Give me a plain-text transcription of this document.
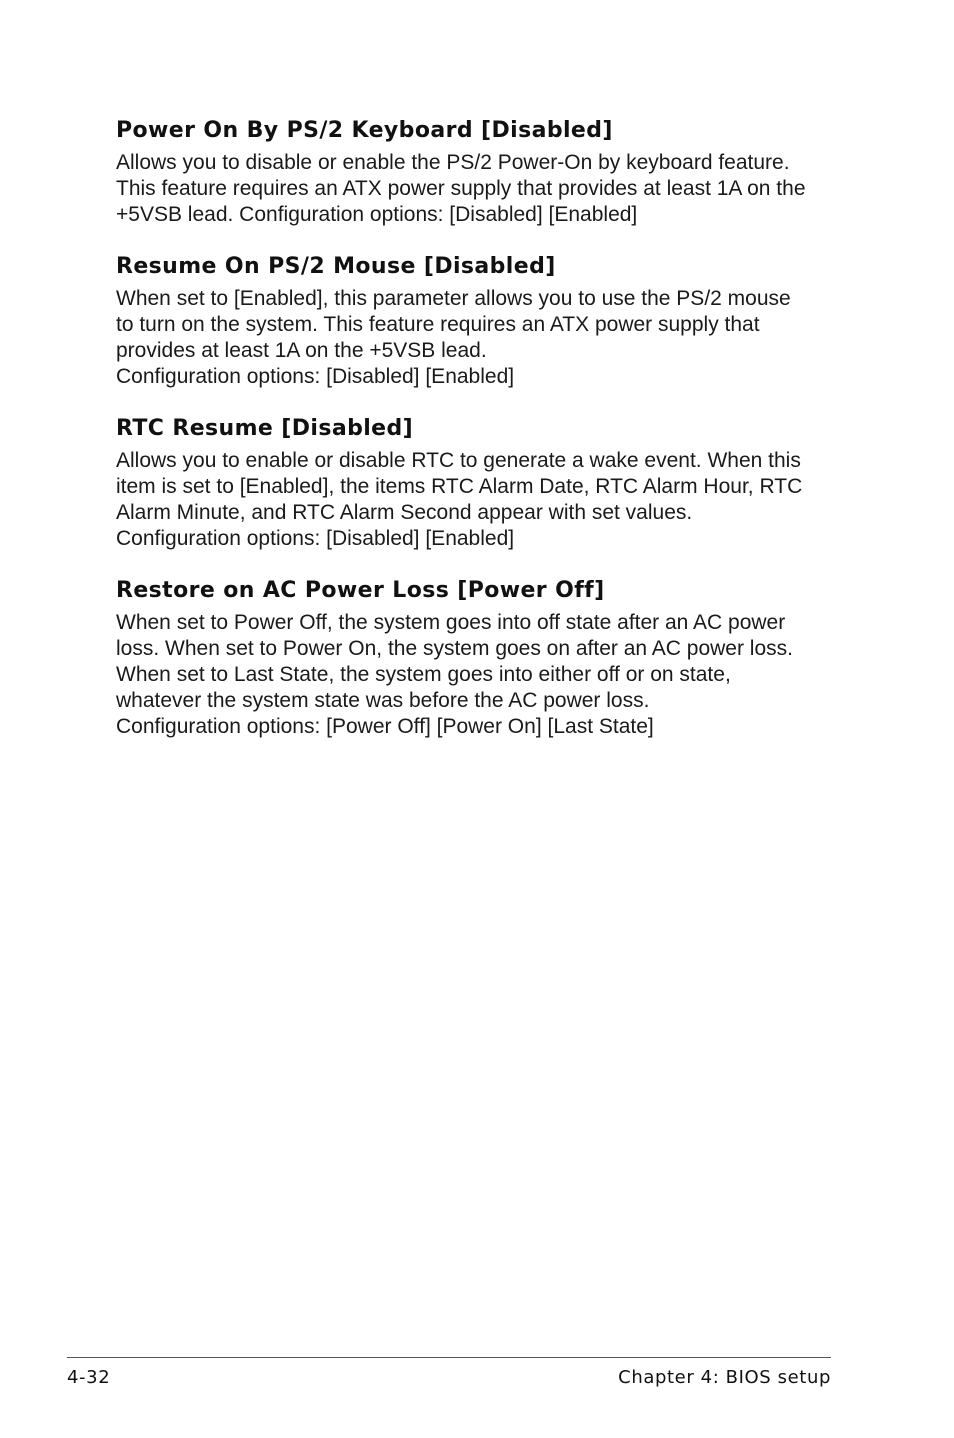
Power On By PS/2 Keyboard [Disabled]

Allows you to disable or enable the PS/2 Power-On by keyboard feature.
This feature requires an ATX power supply that provides at least 1A on the
+5VSB lead. Configuration options: [Disabled] [Enabled]

Resume On PS/2 Mouse [Disabled]

When set to [Enabled], this parameter allows you to use the PS/2 mouse
to turn on the system. This feature requires an ATX power supply that
provides at least 1A on the +5VSB lead.
Configuration options: [Disabled] [Enabled]

RTC Resume [Disabled]

Allows you to enable or disable RTC to generate a wake event. When this
item is set to [Enabled], the items RTC Alarm Date, RTC Alarm Hour, RTC
Alarm Minute, and RTC Alarm Second appear with set values.
Configuration options: [Disabled] [Enabled]

Restore on AC Power Loss [Power Off]

When set to Power Off, the system goes into off state after an AC power
loss. When set to Power On, the system goes on after an AC power loss.
When set to Last State, the system goes into either off or on state,
whatever the system state was before the AC power loss.
Configuration options: [Power Off] [Power On] [Last State]

4-32	Chapter 4: BIOS setup
